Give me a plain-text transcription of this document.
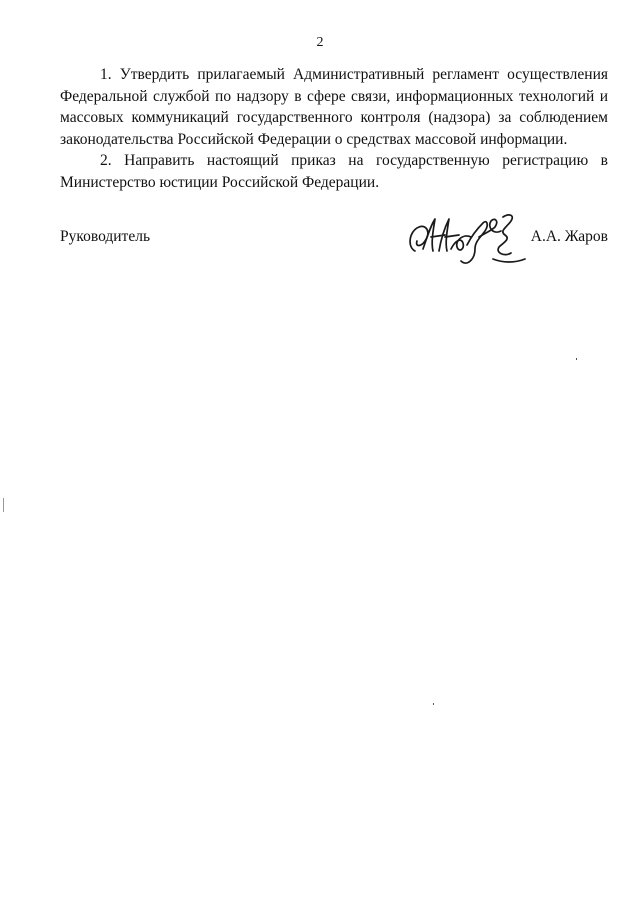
2

1. Утвердить прилагаемый Административный регламент осуществления Федеральной службой по надзору в сфере связи, информационных технологий и массовых коммуникаций государственного контроля (надзора) за соблюдением законодательства Российской Федерации о средствах массовой информации.

2. Направить настоящий приказ на государственную регистрацию в Министерство юстиции Российской Федерации.

Руководитель	А.А. Жаров
